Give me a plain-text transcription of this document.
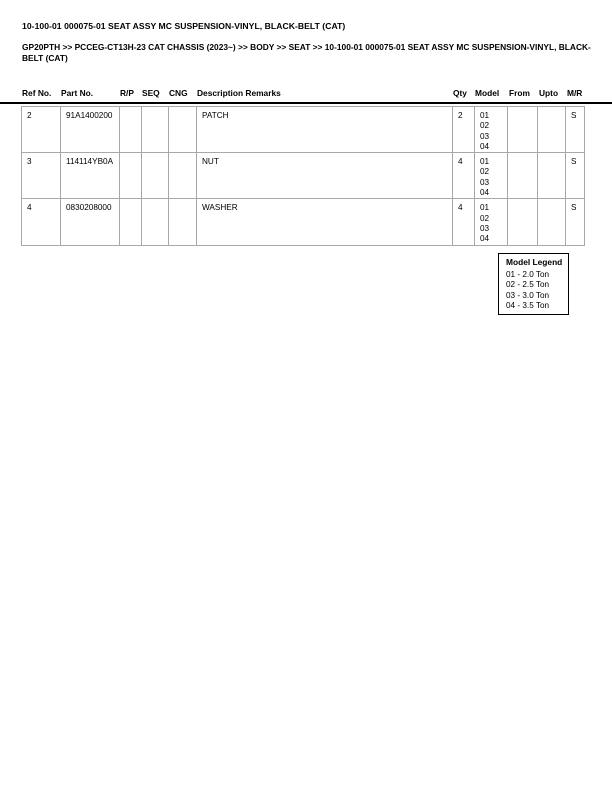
10-100-01 000075-01 SEAT ASSY MC SUSPENSION-VINYL, BLACK-BELT (CAT)
GP20PTH >> PCCEG-CT13H-23 CAT CHASSIS (2023~) >> BODY >> SEAT >> 10-100-01 000075-01 SEAT ASSY MC SUSPENSION-VINYL, BLACK-BELT (CAT)
Ref No. Part No.	R/P SEQ CNG Description Remarks	Qty Model From Upto M/R
2	91A1400200				PATCH	2	01
02
03
04			S
3	114114YB0A				NUT	4	01
02
03
04			S
4	0830208000				WASHER	4	01
02
03
04			S
Model Legend
01 - 2.0 Ton
02 - 2.5 Ton
03 - 3.0 Ton
04 - 3.5 Ton
